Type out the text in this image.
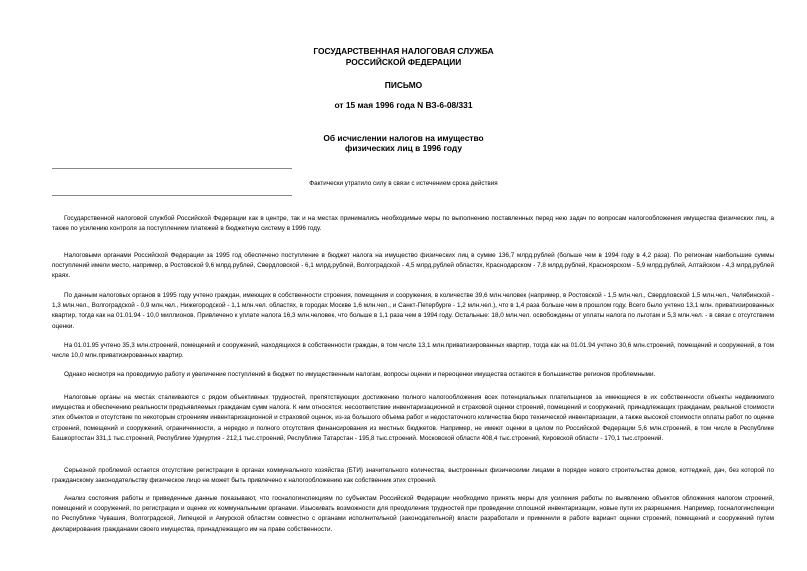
ГОСУДАРСТВЕННАЯ НАЛОГОВАЯ СЛУЖБА
РОССИЙСКОЙ ФЕДЕРАЦИИ
ПИСЬМО
от 15 мая 1996 года N ВЗ-6-08/331
Об исчислении налогов на имущество
физических лиц в 1996 году
Фактически утратило силу в связи с истечением срока действия
Государственной налоговой службой Российской Федерации как в центре, так и на местах принимались необходимые меры по выполнению поставленных перед нею задач по вопросам налогообложения имущества физических лиц, а также по усилению контроля за поступлением платежей в бюджетную систему в 1996 году.
Налоговыми органами Российской Федерации за 1995 год обеспечено поступление в бюджет налога на имущество физических лиц в сумме 136,7 млрд.рублей (больше чем в 1994 году в 4,2 раза). По регионам наибольшие суммы поступлений имели место, например, в Ростовской 9,6 млрд.рублей, Свердловской - 6,1 млрд.рублей, Волгоградской - 4,5 млрд.рублей областях, Краснодарском - 7,8 млрд.рублей, Красноярском - 5,9 млрд.рублей, Алтайском - 4,3 млрд.рублей краях.
По данным налоговых органов в 1995 году учтено граждан, имеющих в собственности строения, помещения и сооружения, в количестве 39,6 млн.человек (например, в Ростовской - 1,5 млн.чел., Свердловской 1,5 млн.чел., Челябинской - 1,3 млн.чел., Волгоградской - 0,9 млн.чел., Нижегородской - 1,1 млн.чел. областях, в городах Москве 1,6 млн.чел., и Санкт-Петербурге - 1,2 млн.чел.), что в 1,4 раза больше чем в прошлом году. Всего было учтено 13,1 млн. приватизированных квартир, тогда как на 01.01.94 - 10,0 миллионов. Привлечено к уплате налога 16,3 млн.человек, что больше в 1,1 раза чем в 1994 году. Остальные: 18,0 млн.чел. освобождены от уплаты налога по льготам и 5,3 млн.чел. - в связи с отсутствием оценки.
На 01.01.95 учтено 35,3 млн.строений, помещений и сооружений, находящихся в собственности граждан, в том числе 13,1 млн.приватизированных квартир, тогда как на 01.01.94 учтено 30,6 млн.строений, помещений и сооружений, в том числе 10,0 млн.приватизированных квартир.
Однако несмотря на проводимую работу и увеличение поступлений в бюджет по имущественным налогам, вопросы оценки и переоценки имущества остаются в большинстве регионов проблемными.
Налоговые органы на местах сталкиваются с рядом объективных трудностей, препятствующих достижению полного налогообложения всех потенциальных плательщиков за имеющиеся в их собственности объекты недвижимого имущества и обеспечению реальности предъявляемых гражданам сумм налога. К ним относятся: несоответствие инвентаризационной и страховой оценки строений, помещений и сооружений, принадлежащих гражданам, реальной стоимости этих объектов и отсутствие по некоторым строениям инвентаризационной и страховой оценок, из-за большого объема работ и недостаточного количества бюро технической инвентаризации, а также высокой стоимости оплаты работ по оценке строений, помещений и сооружений, ограниченности, а нередко и полного отсутствия финансирования из местных бюджетов. Например, не имеют оценки в целом по Российской Федерации 5,6 млн.строений, в том числе в Республике Башкортостан 331,1 тыс.строений, Республике Удмуртия - 212,1 тыс.строений, Республике Татарстан - 195,8 тыс.строений. Московской области 408,4 тыс.строений, Кировской области - 170,1 тыс.строений.
Серьезной проблемой остается отсутствие регистрации в органах коммунального хозяйства (БТИ) значительного количества, выстроенных физическими лицами в порядке нового строительства домов, коттеджей, дач, без которой по гражданскому законодательству физическое лицо не может быть привлечено к налогообложению как собственник этих строений.
Анализ состояния работы и приведенные данные показывают, что госналогинспекциям по субъектам Российской Федерации необходимо принять меры для усиления работы по выявлению объектов обложения налогом строений, помещений и сооружений, по регистрации и оценке их коммунальными органами. Изыскивать возможности для преодоления трудностей при проведении сплошной инвентаризации, новые пути их разрешения. Например, госналогинспекции по Республике Чувашия, Волгоградской, Липецкой и Амурской областям совместно с органами исполнительной (законодательной) власти разработали и применили в работе вариант оценки строений, помещений и сооружений путем декларирования гражданами своего имущества, принадлежащего им на праве собственности.
